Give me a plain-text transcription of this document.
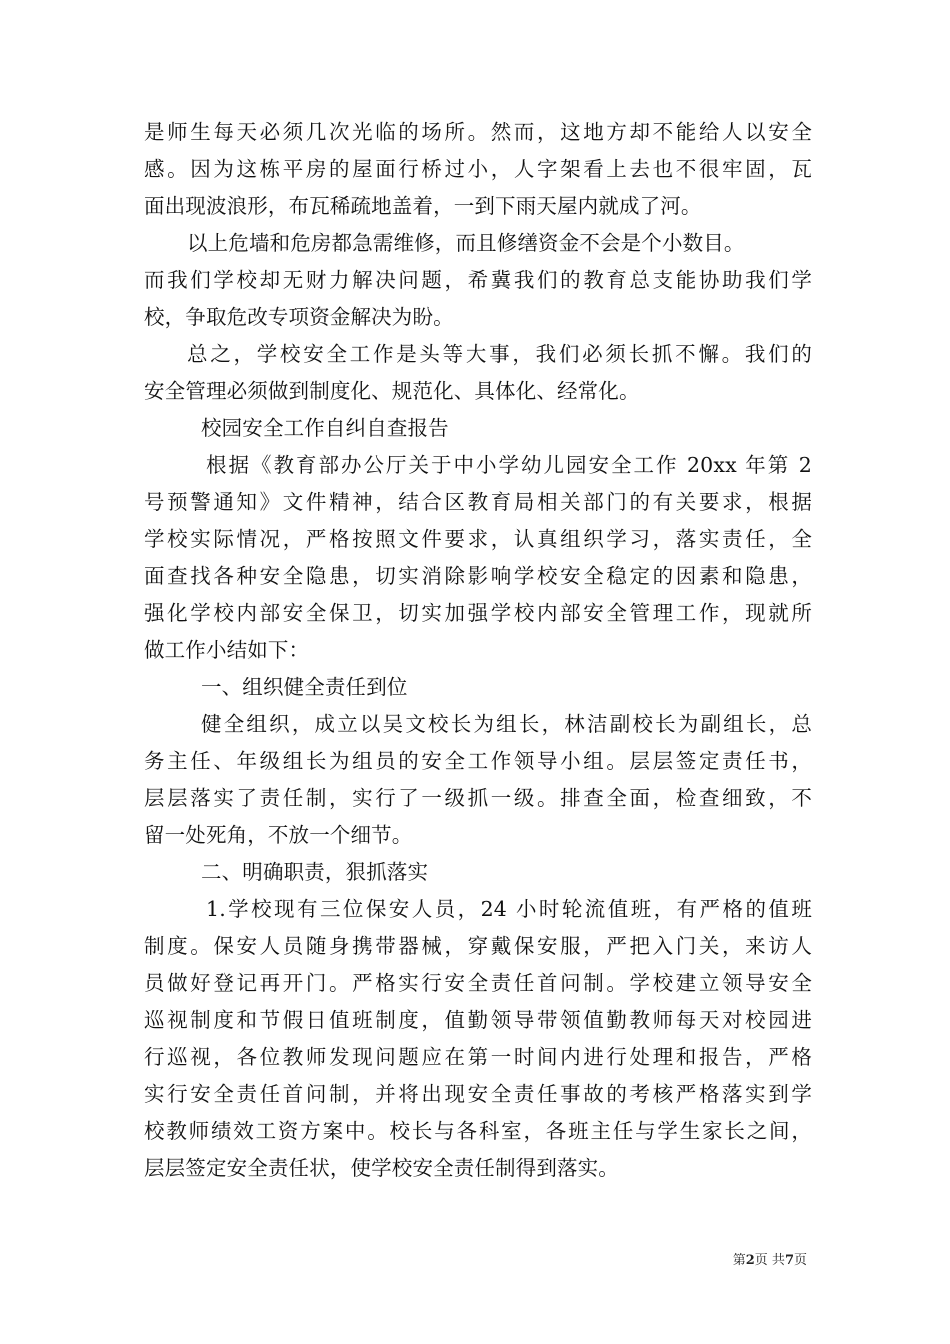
是师生每天必须几次光临的场所。然而，这地方却不能给人以安全
感。因为这栋平房的屋面行桥过小，人字架看上去也不很牢固，瓦
面出现波浪形，布瓦稀疏地盖着，一到下雨天屋内就成了河。
以上危墙和危房都急需维修，而且修缮资金不会是个小数目。
而我们学校却无财力解决问题，希冀我们的教育总支能协助我们学
校，争取危改专项资金解决为盼。
总之，学校安全工作是头等大事，我们必须长抓不懈。我们的
安全管理必须做到制度化、规范化、具体化、经常化。
校园安全工作自纠自查报告
根据《教育部办公厅关于中小学幼儿园安全工作 20xx 年第 2
号预警通知》文件精神，结合区教育局相关部门的有关要求，根据
学校实际情况，严格按照文件要求，认真组织学习，落实责任，全
面查找各种安全隐患，切实消除影响学校安全稳定的因素和隐患，
强化学校内部安全保卫，切实加强学校内部安全管理工作，现就所
做工作小结如下：
一、组织健全责任到位
健全组织，成立以吴文校长为组长，林洁副校长为副组长，总
务主任、年级组长为组员的安全工作领导小组。层层签定责任书，
层层落实了责任制，实行了一级抓一级。排查全面，检查细致，不
留一处死角，不放一个细节。
二、明确职责，狠抓落实
1.学校现有三位保安人员，24 小时轮流值班，有严格的值班
制度。保安人员随身携带器械，穿戴保安服，严把入门关，来访人
员做好登记再开门。严格实行安全责任首问制。学校建立领导安全
巡视制度和节假日值班制度，值勤领导带领值勤教师每天对校园进
行巡视，各位教师发现问题应在第一时间内进行处理和报告，严格
实行安全责任首问制，并将出现安全责任事故的考核严格落实到学
校教师绩效工资方案中。校长与各科室，各班主任与学生家长之间，
层层签定安全责任状，使学校安全责任制得到落实。
第2页 共7页
